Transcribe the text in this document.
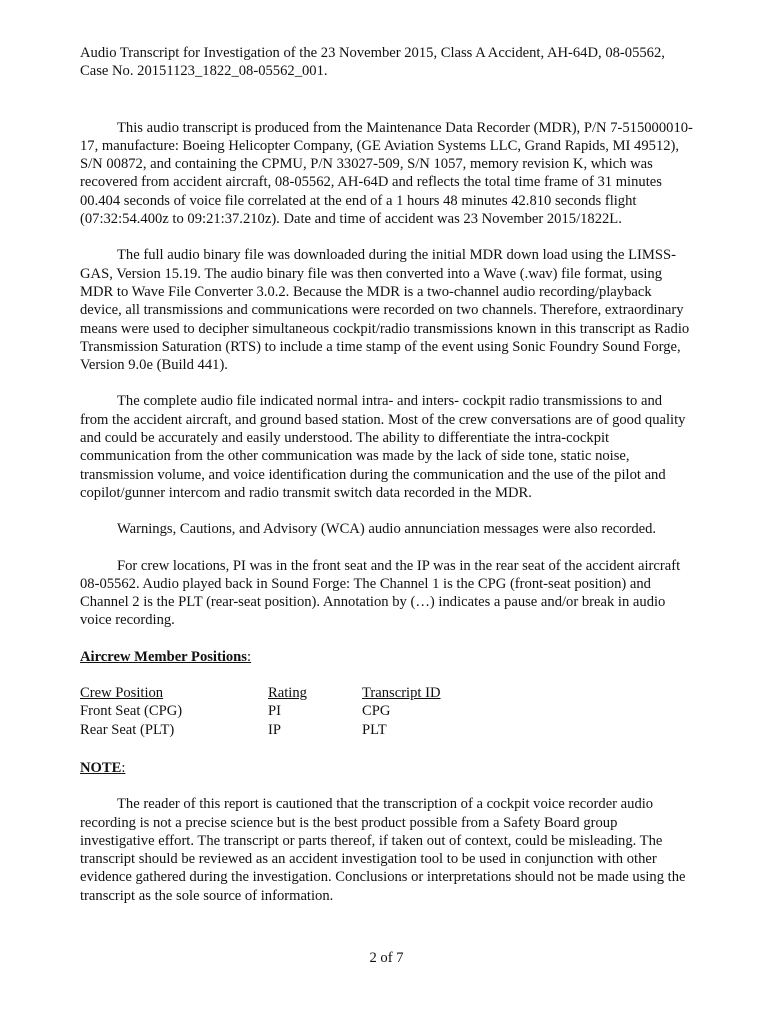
Audio Transcript for Investigation of the 23 November 2015, Class A Accident, AH-64D, 08-05562, Case No. 20151123_1822_08-05562_001.

This audio transcript is produced from the Maintenance Data Recorder (MDR), P/N 7-515000010-17, manufacture: Boeing Helicopter Company, (GE Aviation Systems LLC, Grand Rapids, MI 49512), S/N 00872, and containing the CPMU, P/N 33027-509, S/N 1057, memory revision K, which was recovered from accident aircraft, 08-05562, AH-64D and reflects the total time frame of 31 minutes 00.404 seconds of voice file correlated at the end of a 1 hours 48 minutes 42.810 seconds flight (07:32:54.400z to 09:21:37.210z). Date and time of accident was 23 November 2015/1822L.

The full audio binary file was downloaded during the initial MDR down load using the LIMSS-GAS, Version 15.19. The audio binary file was then converted into a Wave (.wav) file format, using MDR to Wave File Converter 3.0.2. Because the MDR is a two-channel audio recording/playback device, all transmissions and communications were recorded on two channels. Therefore, extraordinary means were used to decipher simultaneous cockpit/radio transmissions known in this transcript as Radio Transmission Saturation (RTS) to include a time stamp of the event using Sonic Foundry Sound Forge, Version 9.0e (Build 441).

The complete audio file indicated normal intra- and inters- cockpit radio transmissions to and from the accident aircraft, and ground based station. Most of the crew conversations are of good quality and could be accurately and easily understood. The ability to differentiate the intra-cockpit communication from the other communication was made by the lack of side tone, static noise, transmission volume, and voice identification during the communication and the use of the pilot and copilot/gunner intercom and radio transmit switch data recorded in the MDR.

Warnings, Cautions, and Advisory (WCA) audio annunciation messages were also recorded.

For crew locations, PI was in the front seat and the IP was in the rear seat of the accident aircraft 08-05562. Audio played back in Sound Forge: The Channel 1 is the CPG (front-seat position) and Channel 2 is the PLT (rear-seat position). Annotation by (…) indicates a pause and/or break in audio voice recording.

Aircrew Member Positions:

Crew Position	Rating	Transcript ID
Front Seat (CPG)	PI	CPG
Rear Seat (PLT)	IP	PLT

NOTE:

The reader of this report is cautioned that the transcription of a cockpit voice recorder audio recording is not a precise science but is the best product possible from a Safety Board group investigative effort. The transcript or parts thereof, if taken out of context, could be misleading. The transcript should be reviewed as an accident investigation tool to be used in conjunction with other evidence gathered during the investigation. Conclusions or interpretations should not be made using the transcript as the sole source of information.

2 of 7
